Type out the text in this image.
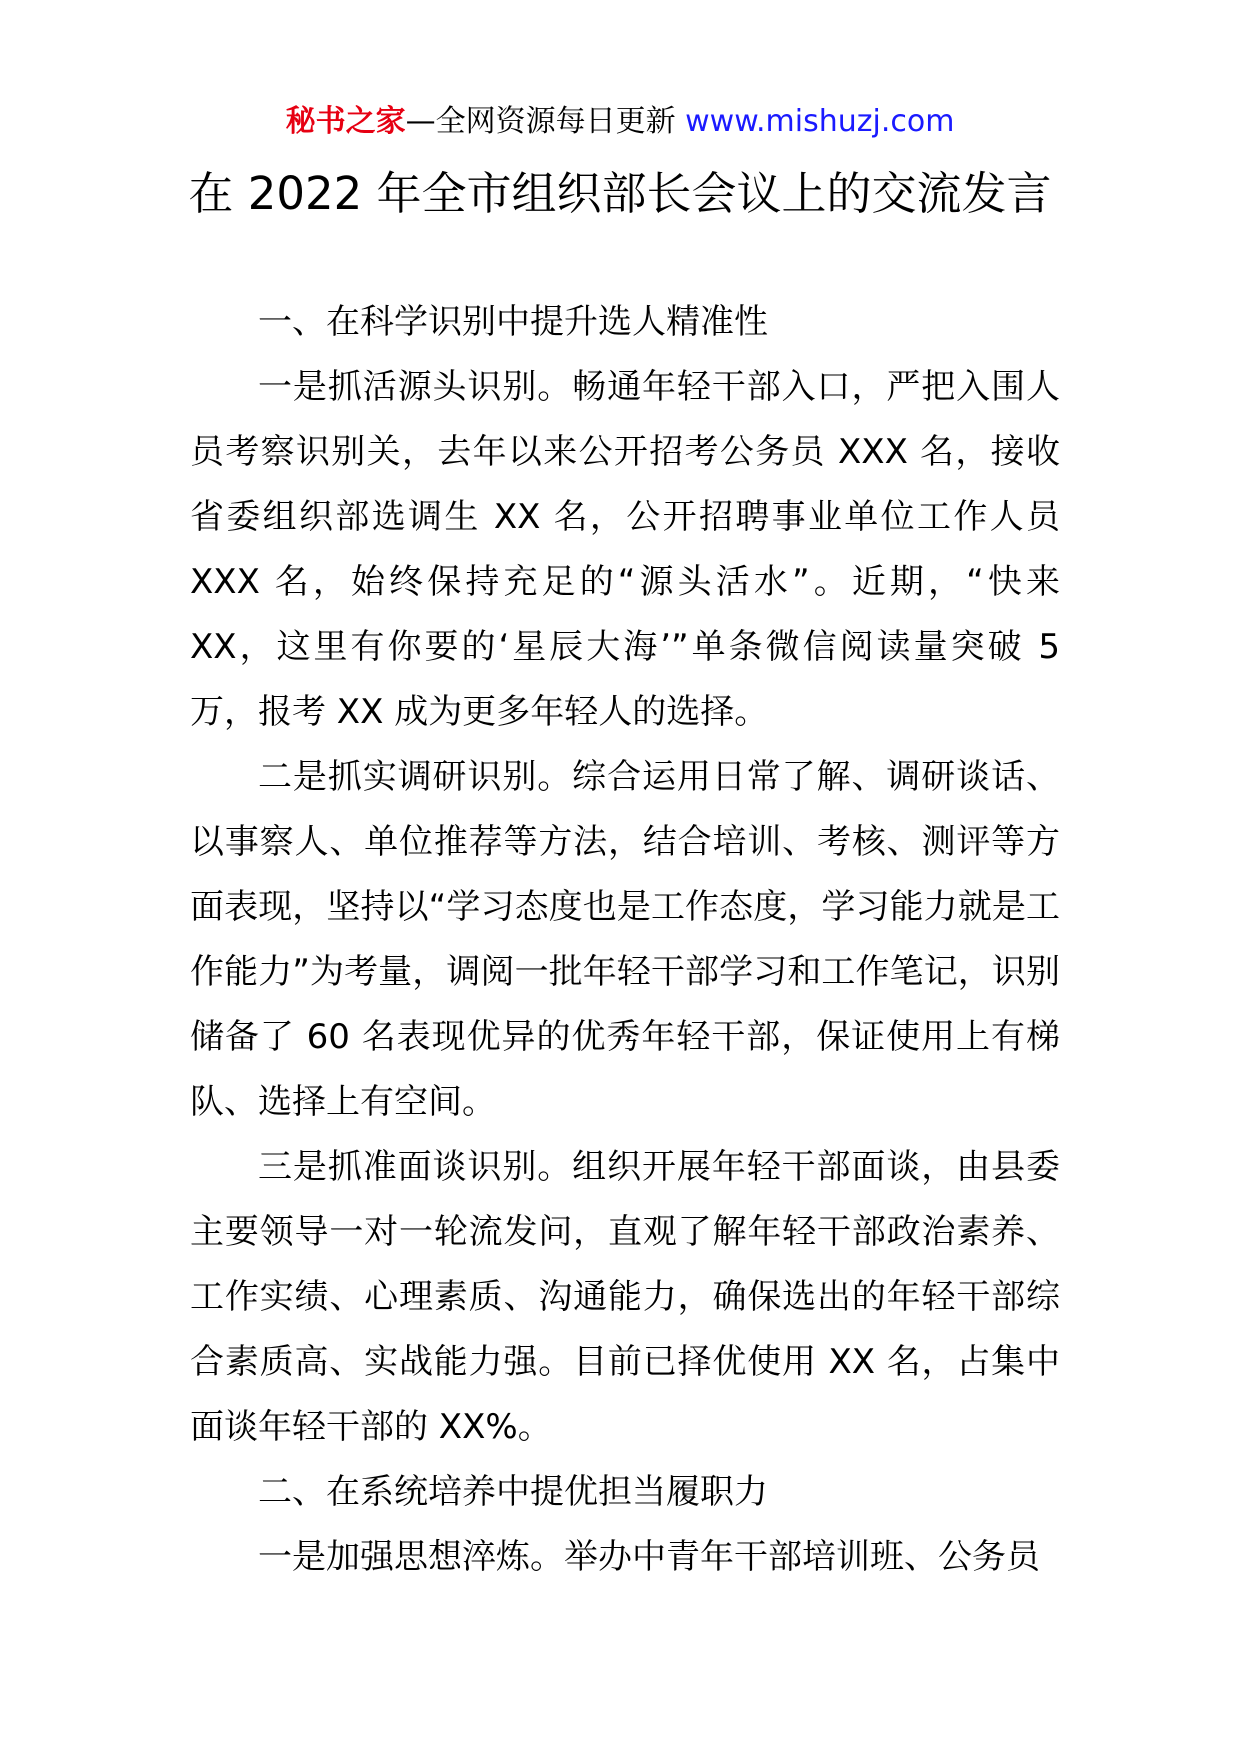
秘书之家—全网资源每日更新 www.mishuzj.com
在 2022 年全市组织部长会议上的交流发言

一、在科学识别中提升选人精准性

一是抓活源头识别。畅通年轻干部入口，严把入围人员考察识别关，去年以来公开招考公务员 XXX 名，接收省委组织部选调生 XX 名，公开招聘事业单位工作人员 XXX 名，始终保持充足的“源头活水”。近期，“快来 XX，这里有你要的‘星辰大海’”单条微信阅读量突破 5 万，报考 XX 成为更多年轻人的选择。

二是抓实调研识别。综合运用日常了解、调研谈话、以事察人、单位推荐等方法，结合培训、考核、测评等方面表现，坚持以“学习态度也是工作态度，学习能力就是工作能力”为考量，调阅一批年轻干部学习和工作笔记，识别储备了 60 名表现优异的优秀年轻干部，保证使用上有梯队、选择上有空间。

三是抓准面谈识别。组织开展年轻干部面谈，由县委主要领导一对一轮流发问，直观了解年轻干部政治素养、工作实绩、心理素质、沟通能力，确保选出的年轻干部综合素质高、实战能力强。目前已择优使用 XX 名，占集中面谈年轻干部的 XX%。

二、在系统培养中提优担当履职力

一是加强思想淬炼。举办中青年干部培训班、公务员
